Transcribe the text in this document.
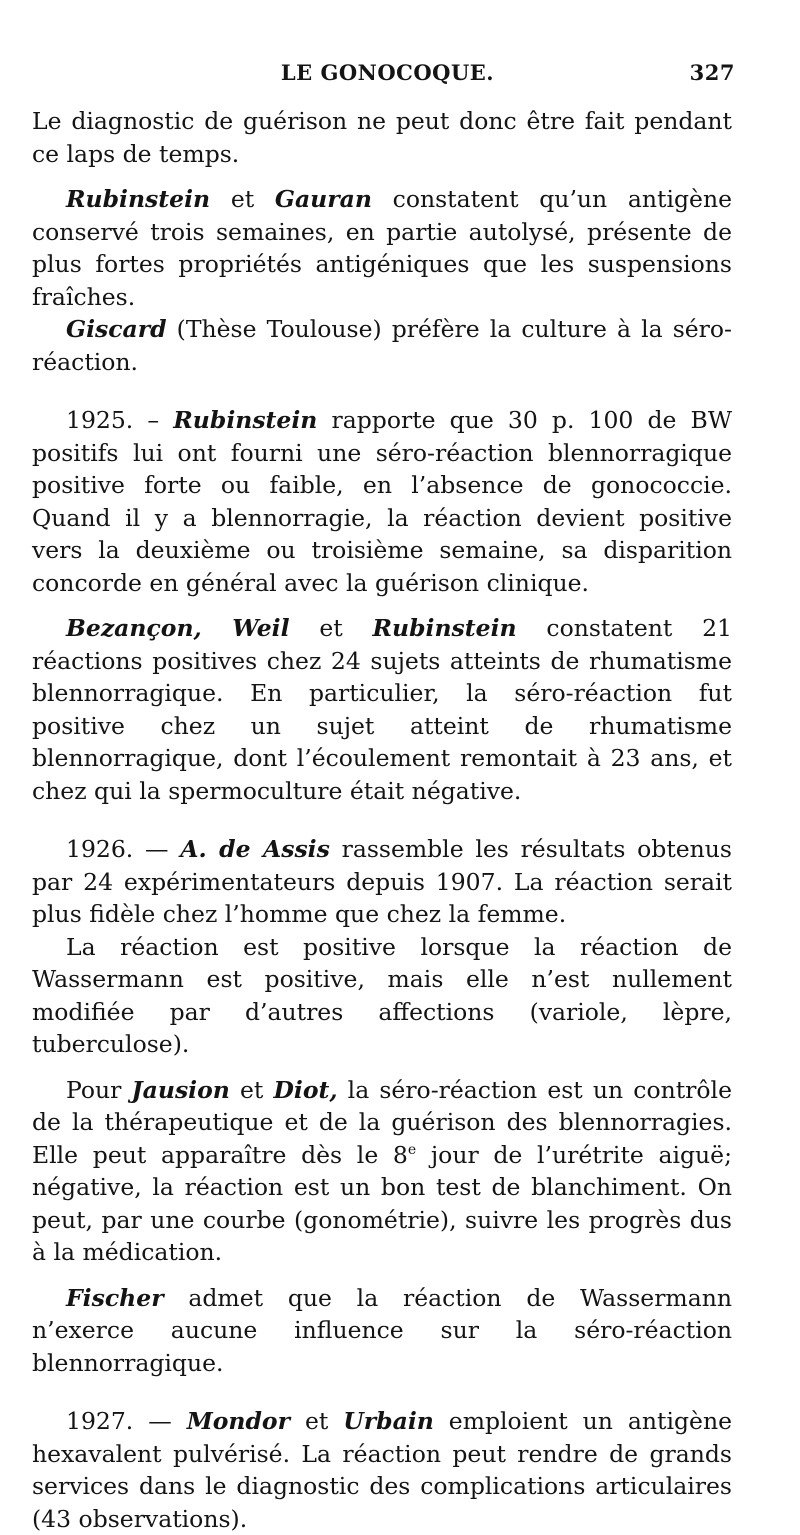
LE GONOCOQUE.	327

Le diagnostic de guérison ne peut donc être fait pendant ce laps de temps.

Rubinstein et Gauran constatent qu’un antigène conservé trois semaines, en partie autolysé, présente de plus fortes propriétés antigéniques que les suspensions fraîches.

Giscard (Thèse Toulouse) préfère la culture à la séro-réaction.

1925. – Rubinstein rapporte que 30 p. 100 de BW positifs lui ont fourni une séro-réaction blennorragique positive forte ou faible, en l’absence de gonococcie. Quand il y a blennorragie, la réaction devient positive vers la deuxième ou troisième semaine, sa disparition concorde en général avec la guérison clinique.

Bezançon, Weil et Rubinstein constatent 21 réactions positives chez 24 sujets atteints de rhumatisme blennorragique. En particulier, la séro-réaction fut positive chez un sujet atteint de rhumatisme blennorragique, dont l’écoulement remontait à 23 ans, et chez qui la spermoculture était négative.

1926. — A. de Assis rassemble les résultats obtenus par 24 expérimentateurs depuis 1907. La réaction serait plus fidèle chez l’homme que chez la femme.

La réaction est positive lorsque la réaction de Wassermann est positive, mais elle n’est nullement modifiée par d’autres affections (variole, lèpre, tuberculose).

Pour Jausion et Diot, la séro-réaction est un contrôle de la thérapeutique et de la guérison des blennorragies. Elle peut apparaître dès le 8e jour de l’urétrite aiguë; négative, la réaction est un bon test de blanchiment. On peut, par une courbe (gonométrie), suivre les progrès dus à la médication.

Fischer admet que la réaction de Wassermann n’exerce aucune influence sur la séro-réaction blennorragique.

1927. — Mondor et Urbain emploient un antigène hexavalent pulvérisé. La réaction peut rendre de grands services dans le diagnostic des complications articulaires (43 observations).
